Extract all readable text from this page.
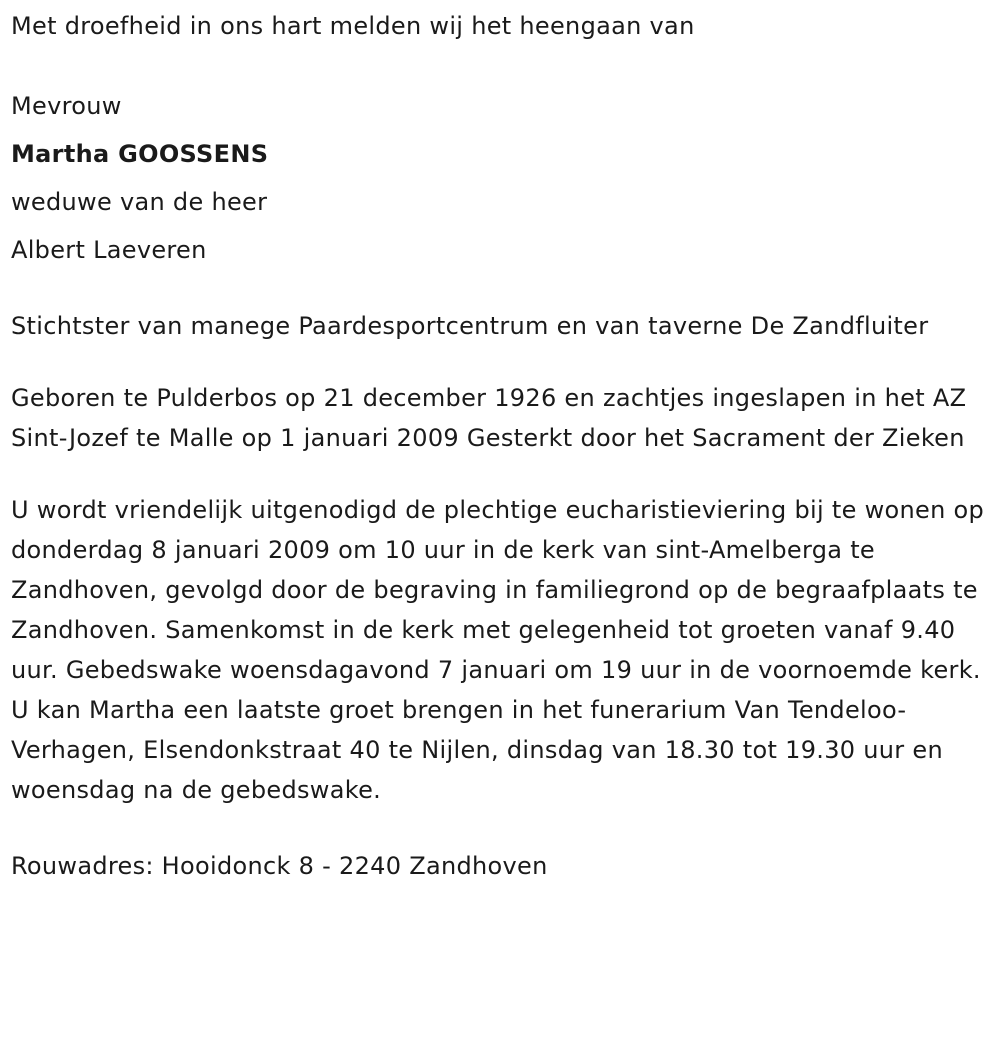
Met droefheid in ons hart melden wij het heengaan van

Mevrouw

Martha GOOSSENS

weduwe van de heer

Albert Laeveren

Stichtster van manege Paardesportcentrum en van taverne De Zandfluiter

Geboren te Pulderbos op 21 december 1926 en zachtjes ingeslapen in het AZ Sint-Jozef te Malle op 1 januari 2009 Gesterkt door het Sacrament der Zieken

U wordt vriendelijk uitgenodigd de plechtige eucharistieviering bij te wonen op donderdag 8 januari 2009 om 10 uur in de kerk van sint-Amelberga te Zandhoven, gevolgd door de begraving in familiegrond op de begraafplaats te Zandhoven. Samenkomst in de kerk met gelegenheid tot groeten vanaf 9.40 uur. Gebedswake woensdagavond 7 januari om 19 uur in de voornoemde kerk. U kan Martha een laatste groet brengen in het funerarium Van Tendeloo-Verhagen, Elsendonkstraat 40 te Nijlen, dinsdag van 18.30 tot 19.30 uur en woensdag na de gebedswake.

Rouwadres: Hooidonck 8 - 2240 Zandhoven
